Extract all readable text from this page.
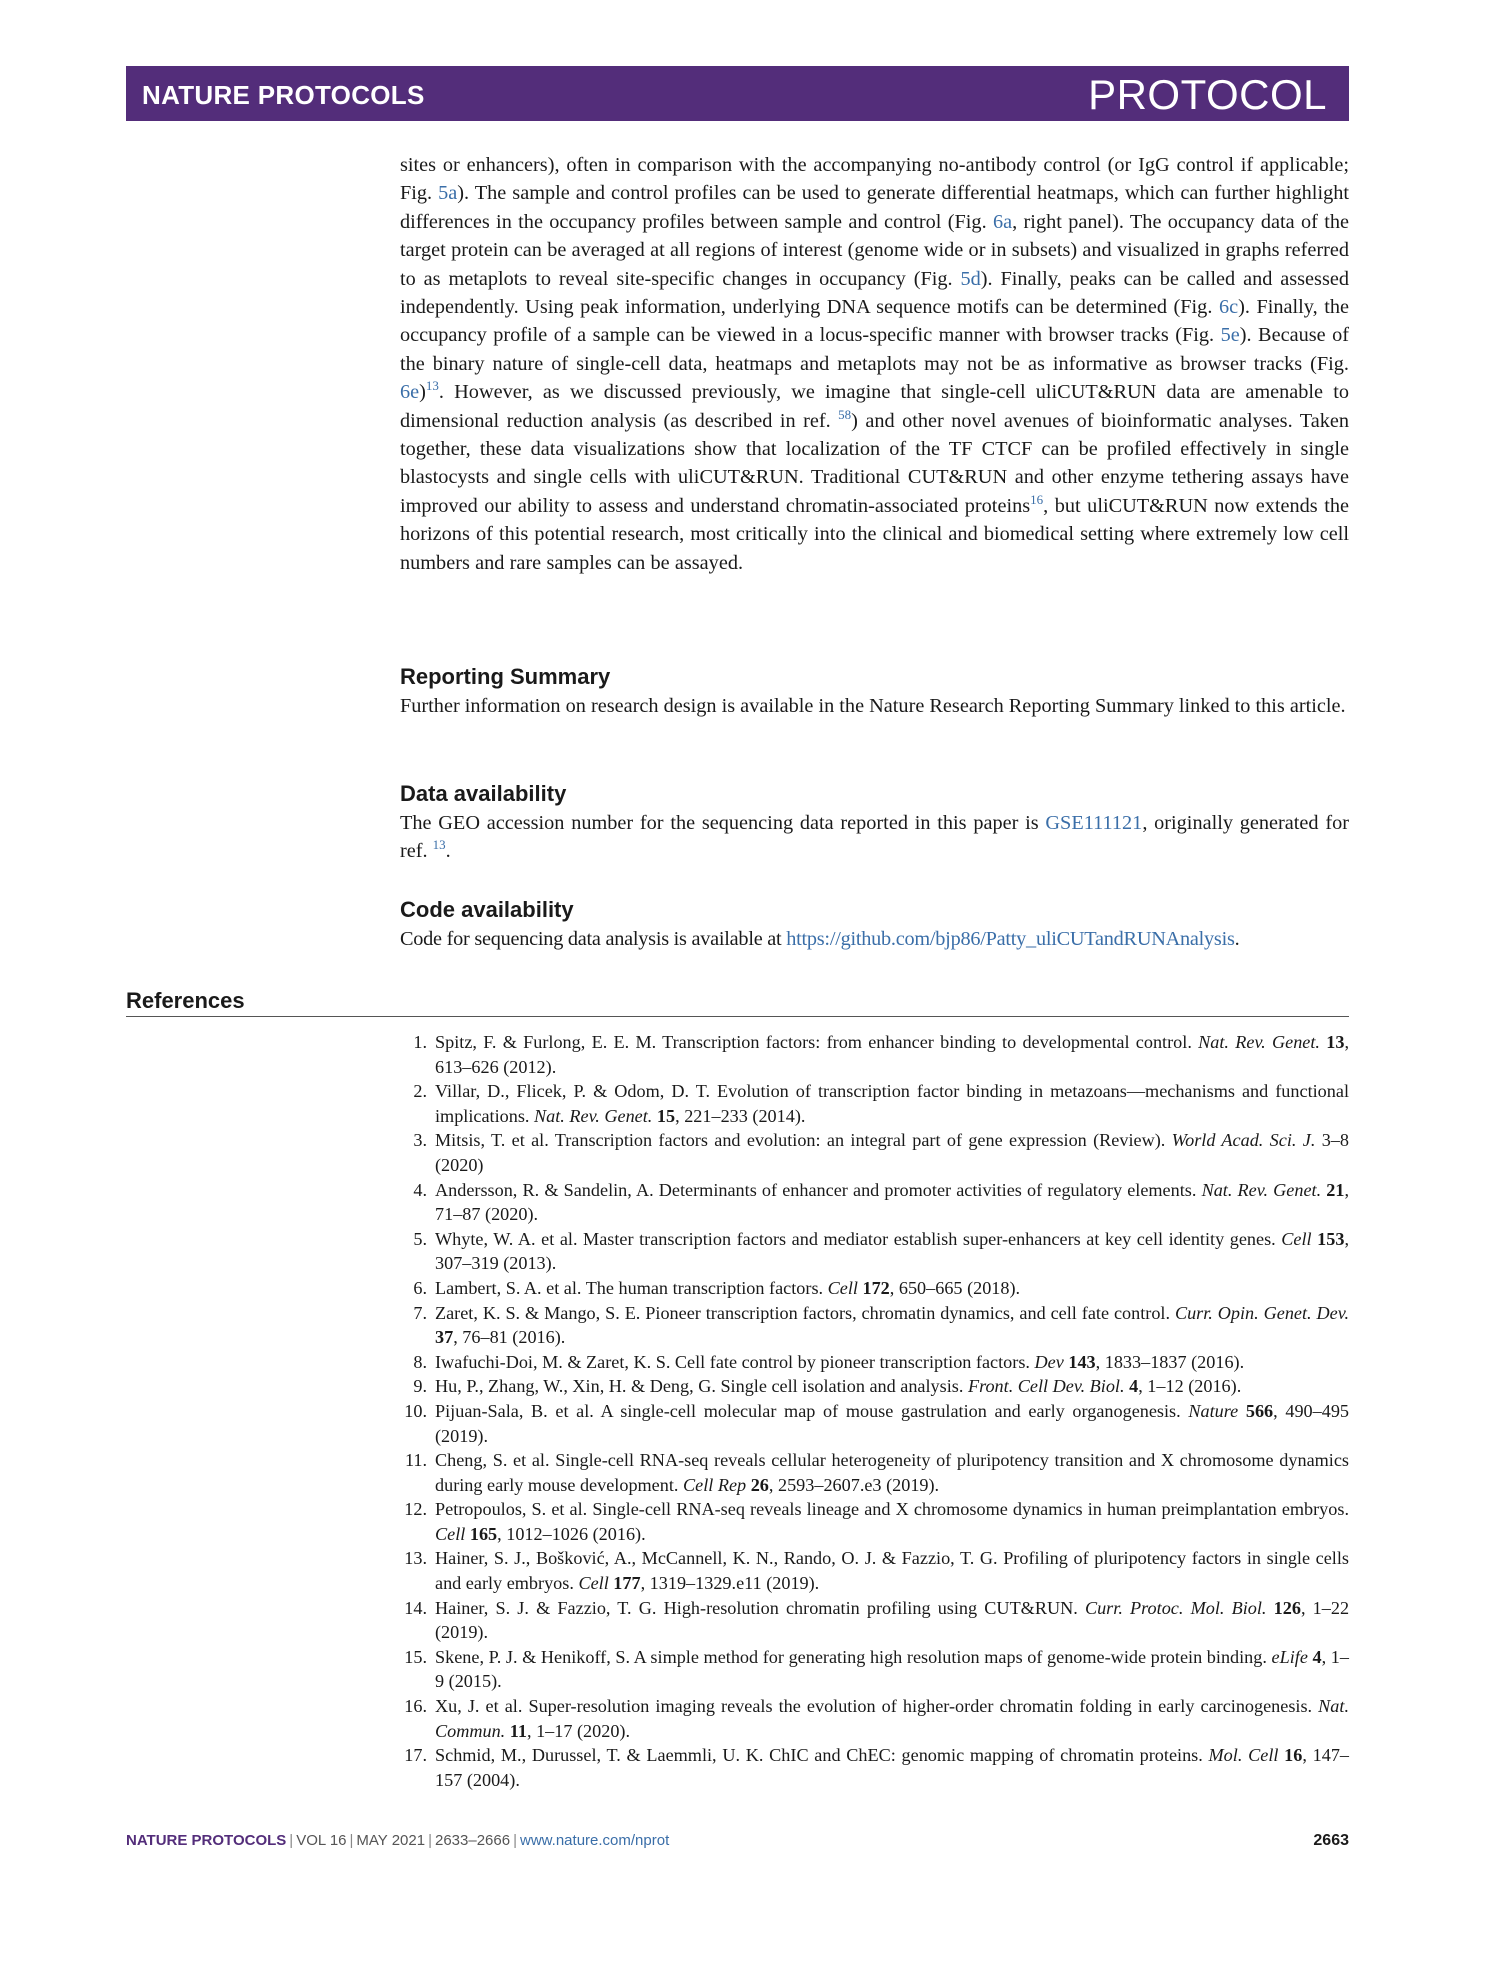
NATURE PROTOCOLS	PROTOCOL

sites or enhancers), often in comparison with the accompanying no-antibody control (or IgG control if applicable; Fig. 5a). The sample and control profiles can be used to generate differential heatmaps, which can further highlight differences in the occupancy profiles between sample and control (Fig. 6a, right panel). The occupancy data of the target protein can be averaged at all regions of interest (genome wide or in subsets) and visualized in graphs referred to as metaplots to reveal site-specific changes in occupancy (Fig. 5d). Finally, peaks can be called and assessed independently. Using peak information, underlying DNA sequence motifs can be determined (Fig. 6c). Finally, the occupancy profile of a sample can be viewed in a locus-specific manner with browser tracks (Fig. 5e). Because of the binary nature of single-cell data, heatmaps and metaplots may not be as informative as browser tracks (Fig. 6e)$^{13}$. However, as we discussed previously, we imagine that single-cell uliCUT&RUN data are amenable to dimensional reduction analysis (as described in ref. $^{58}$) and other novel avenues of bioinformatic analyses. Taken together, these data visualizations show that localization of the TF CTCF can be profiled effectively in single blastocysts and single cells with uliCUT&RUN. Traditional CUT&RUN and other enzyme tethering assays have improved our ability to assess and understand chromatin-associated proteins$^{16}$, but uliCUT&RUN now extends the horizons of this potential research, most critically into the clinical and biomedical setting where extremely low cell numbers and rare samples can be assayed.

Reporting Summary

Further information on research design is available in the Nature Research Reporting Summary linked to this article.

Data availability

The GEO accession number for the sequencing data reported in this paper is GSE111121, originally generated for ref. $^{13}$.

Code availability

Code for sequencing data analysis is available at https://github.com/bjp86/Patty_uliCUTandRUNAnalysis.

References
1. Spitz, F. & Furlong, E. E. M. Transcription factors: from enhancer binding to developmental control. Nat. Rev. Genet. 13, 613–626 (2012).
2. Villar, D., Flicek, P. & Odom, D. T. Evolution of transcription factor binding in metazoans—mechanisms and functional implications. Nat. Rev. Genet. 15, 221–233 (2014).
3. Mitsis, T. et al. Transcription factors and evolution: an integral part of gene expression (Review). World Acad. Sci. J. 3–8 (2020)
4. Andersson, R. & Sandelin, A. Determinants of enhancer and promoter activities of regulatory elements. Nat. Rev. Genet. 21, 71–87 (2020).
5. Whyte, W. A. et al. Master transcription factors and mediator establish super-enhancers at key cell identity genes. Cell 153, 307–319 (2013).
6. Lambert, S. A. et al. The human transcription factors. Cell 172, 650–665 (2018).
7. Zaret, K. S. & Mango, S. E. Pioneer transcription factors, chromatin dynamics, and cell fate control. Curr. Opin. Genet. Dev. 37, 76–81 (2016).
8. Iwafuchi-Doi, M. & Zaret, K. S. Cell fate control by pioneer transcription factors. Dev 143, 1833–1837 (2016).
9. Hu, P., Zhang, W., Xin, H. & Deng, G. Single cell isolation and analysis. Front. Cell Dev. Biol. 4, 1–12 (2016).
10. Pijuan-Sala, B. et al. A single-cell molecular map of mouse gastrulation and early organogenesis. Nature 566, 490–495 (2019).
11. Cheng, S. et al. Single-cell RNA-seq reveals cellular heterogeneity of pluripotency transition and X chromosome dynamics during early mouse development. Cell Rep 26, 2593–2607.e3 (2019).
12. Petropoulos, S. et al. Single-cell RNA-seq reveals lineage and X chromosome dynamics in human preimplantation embryos. Cell 165, 1012–1026 (2016).
13. Hainer, S. J., Bošković, A., McCannell, K. N., Rando, O. J. & Fazzio, T. G. Profiling of pluripotency factors in single cells and early embryos. Cell 177, 1319–1329.e11 (2019).
14. Hainer, S. J. & Fazzio, T. G. High-resolution chromatin profiling using CUT&RUN. Curr. Protoc. Mol. Biol. 126, 1–22 (2019).
15. Skene, P. J. & Henikoff, S. A simple method for generating high resolution maps of genome-wide protein binding. eLife 4, 1–9 (2015).
16. Xu, J. et al. Super-resolution imaging reveals the evolution of higher-order chromatin folding in early carcinogenesis. Nat. Commun. 11, 1–17 (2020).
17. Schmid, M., Durussel, T. & Laemmli, U. K. ChIC and ChEC: genomic mapping of chromatin proteins. Mol. Cell 16, 147–157 (2004).
NATURE PROTOCOLS | VOL 16 | MAY 2021 | 2633–2666 | www.nature.com/nprot	2663
